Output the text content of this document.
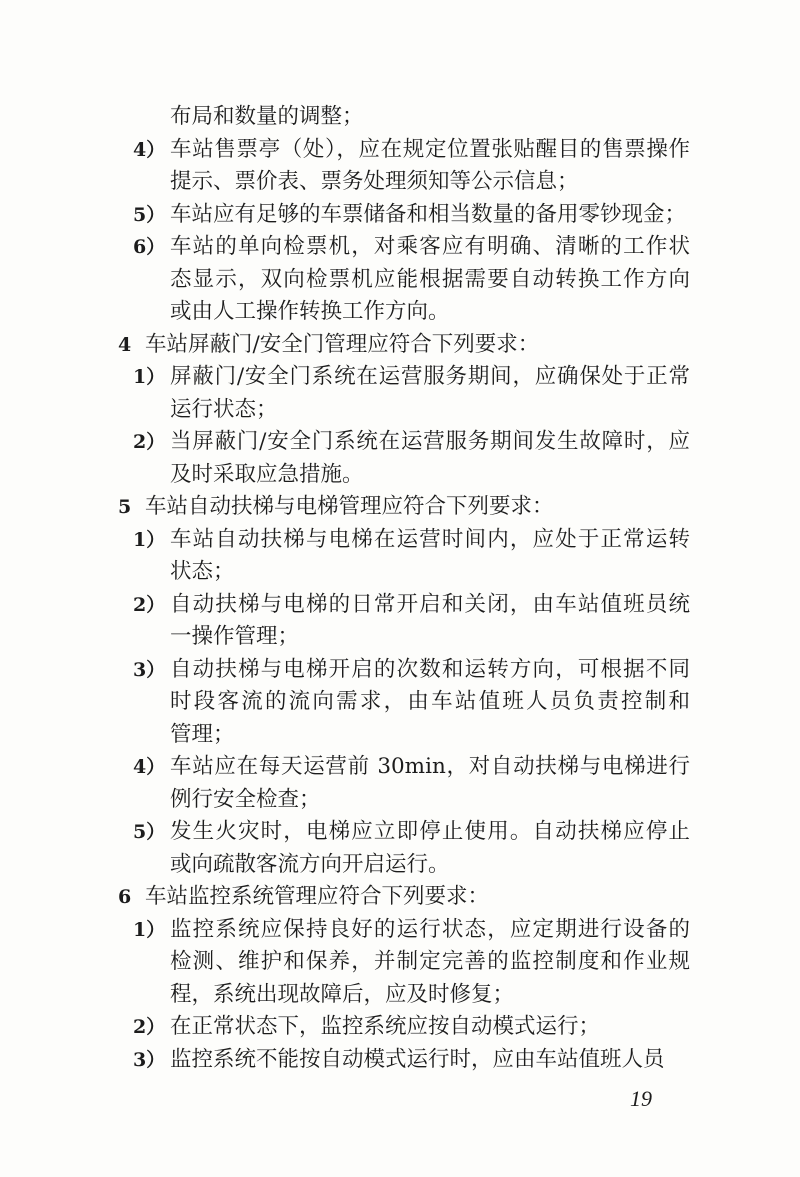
布局和数量的调整；
4） 车站售票亭（处），应在规定位置张贴醒目的售票操作
提示、票价表、票务处理须知等公示信息；
5） 车站应有足够的车票储备和相当数量的备用零钞现金；
6） 车站的单向检票机，对乘客应有明确、清晰的工作状
态显示，双向检票机应能根据需要自动转换工作方向
或由人工操作转换工作方向。
4 车站屏蔽门/安全门管理应符合下列要求：
1） 屏蔽门/安全门系统在运营服务期间，应确保处于正常
运行状态；
2） 当屏蔽门/安全门系统在运营服务期间发生故障时，应
及时采取应急措施。
5 车站自动扶梯与电梯管理应符合下列要求：
1） 车站自动扶梯与电梯在运营时间内，应处于正常运转
状态；
2） 自动扶梯与电梯的日常开启和关闭，由车站值班员统
一操作管理；
3） 自动扶梯与电梯开启的次数和运转方向，可根据不同
时段客流的流向需求，由车站值班人员负责控制和
管理；
4） 车站应在每天运营前 30min，对自动扶梯与电梯进行
例行安全检查；
5） 发生火灾时，电梯应立即停止使用。自动扶梯应停止
或向疏散客流方向开启运行。
6 车站监控系统管理应符合下列要求：
1） 监控系统应保持良好的运行状态，应定期进行设备的
检测、维护和保养，并制定完善的监控制度和作业规
程，系统出现故障后，应及时修复；
2） 在正常状态下，监控系统应按自动模式运行；
3） 监控系统不能按自动模式运行时，应由车站值班人员
19
